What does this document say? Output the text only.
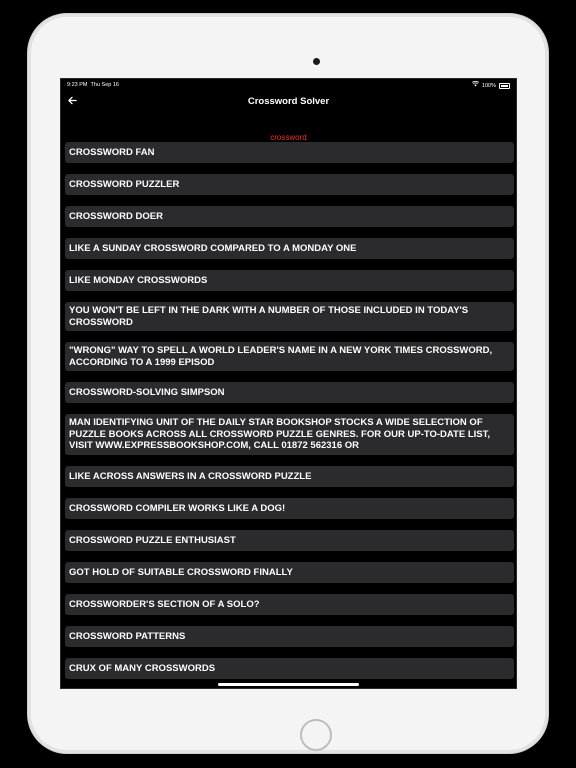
9:23 PM Thu Sep 16	100%
Crossword Solver
crossword
CROSSWORD FAN
CROSSWORD PUZZLER
CROSSWORD DOER
LIKE A SUNDAY CROSSWORD COMPARED TO A MONDAY ONE
LIKE MONDAY CROSSWORDS
YOU WON'T BE LEFT IN THE DARK WITH A NUMBER OF THOSE INCLUDED IN TODAY'S CROSSWORD
"WRONG" WAY TO SPELL A WORLD LEADER'S NAME IN A NEW YORK TIMES CROSSWORD, ACCORDING TO A 1999 EPISOD
CROSSWORD-SOLVING SIMPSON
MAN IDENTIFYING UNIT OF THE DAILY STAR BOOKSHOP STOCKS A WIDE SELECTION OF PUZZLE BOOKS ACROSS ALL CROSSWORD PUZZLE GENRES. FOR OUR UP-TO-DATE LIST, VISIT WWW.EXPRESSBOOKSHOP.COM, CALL 01872 562316 OR
LIKE ACROSS ANSWERS IN A CROSSWORD PUZZLE
CROSSWORD COMPILER WORKS LIKE A DOG!
CROSSWORD PUZZLE ENTHUSIAST
GOT HOLD OF SUITABLE CROSSWORD FINALLY
CROSSWORDER'S SECTION OF A SOLO?
CROSSWORD PATTERNS
CRUX OF MANY CROSSWORDS
